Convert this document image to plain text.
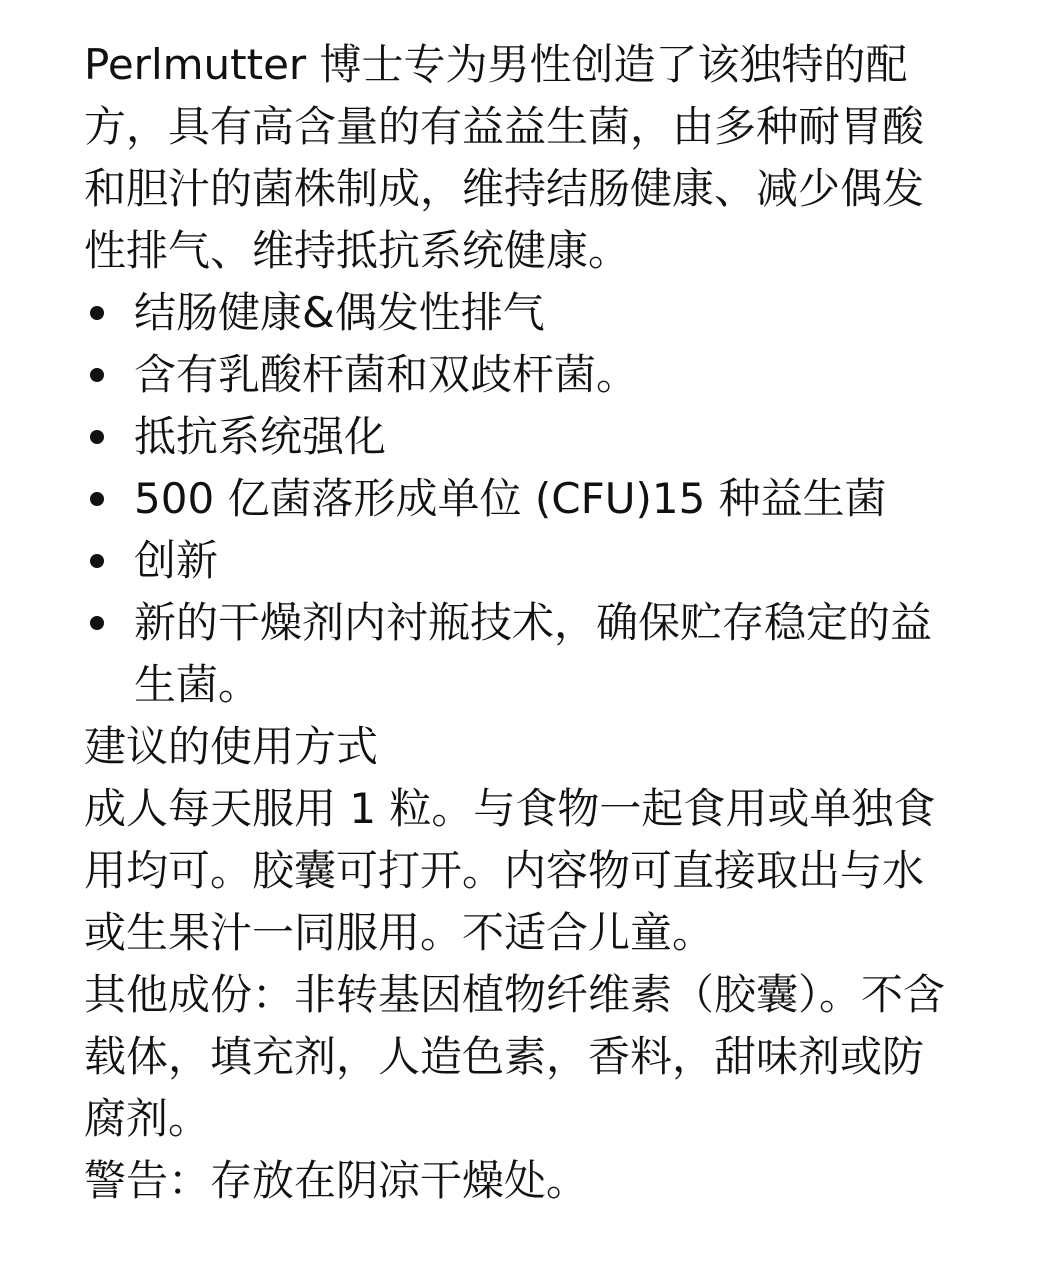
Perlmutter 博士专为男性创造了该独特的配方，具有高含量的有益益生菌，由多种耐胃酸和胆汁的菌株制成，维持结肠健康、减少偶发性排气、维持抵抗系统健康。

结肠健康&偶发性排气
含有乳酸杆菌和双歧杆菌。
抵抗系统强化
500 亿菌落形成单位 (CFU)15 种益生菌
创新
新的干燥剂内衬瓶技术，确保贮存稳定的益生菌。

建议的使用方式

成人每天服用 1 粒。与食物一起食用或单独食用均可。胶囊可打开。内容物可直接取出与水或生果汁一同服用。不适合儿童。

其他成份：非转基因植物纤维素（胶囊）。不含载体，填充剂，人造色素，香料，甜味剂或防腐剂。

警告：存放在阴凉干燥处。
